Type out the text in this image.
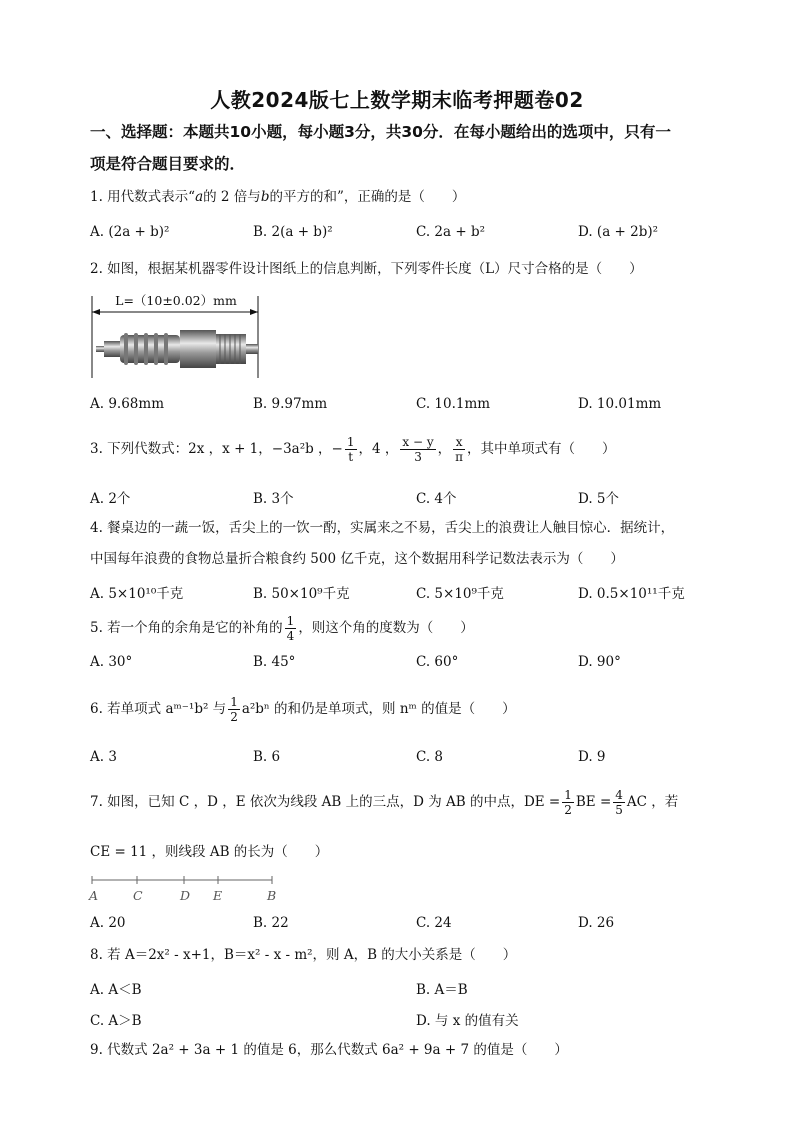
人教2024版七上数学期末临考押题卷02
一、选择题：本题共10小题，每小题3分，共30分．在每小题给出的选项中，只有一
项是符合题目要求的．
1. 用代数式表示“a的 2 倍与b的平方的和”，正确的是（　　）
A. (2a + b)²	B. 2(a + b)²	C. 2a + b²	D. (a + 2b)²
2. 如图，根据某机器零件设计图纸上的信息判断，下列零件长度（L）尺寸合格的是（　　）
L=（10±0.02）mm
A. 9.68mm	B. 9.97mm	C. 10.1mm	D. 10.01mm
3. 下列代数式：2x ，x + 1，−3a²b ，− $\frac{1}{t}$ ，4 ， $\frac{x - y}{3}$ ， $\frac{x}{\pi}$ ，其中单项式有（　　）
A. 2个	B. 3个	C. 4个	D. 5个
4. 餐桌边的一蔬一饭，舌尖上的一饮一酌，实属来之不易，舌尖上的浪费让人触目惊心．据统计，
中国每年浪费的食物总量折合粮食约 500 亿千克，这个数据用科学记数法表示为（　　）
A. 5×10¹⁰千克	B. 50×10⁹千克	C. 5×10⁹千克	D. 0.5×10¹¹千克
5. 若一个角的余角是它的补角的 $\frac{1}{4}$ ，则这个角的度数为（　　）
A. 30°	B. 45°	C. 60°	D. 90°
6. 若单项式 aᵐ⁻¹b² 与 $\frac{1}{2} a^2b^n$ 的和仍是单项式，则 nᵐ 的值是（　　）
A. 3	B. 6	C. 8	D. 9
7. 如图，已知 C ，D ，E 依次为线段 AB 上的三点，D 为 AB 的中点，DE = $\frac{1}{2}$ BE = $\frac{4}{5}$ AC ，若
CE = 11 ，则线段 AB 的长为（　　）
A	C	D E	B
A. 20	B. 22	C. 24	D. 26
8. 若 A＝2x² - x+1，B＝x² - x - m²，则 A，B 的大小关系是（　　）
A. A＜B	B. A＝B
C. A＞B	D. 与 x 的值有关
9. 代数式 2a² + 3a + 1 的值是 6，那么代数式 6a² + 9a + 7 的值是（　　）
